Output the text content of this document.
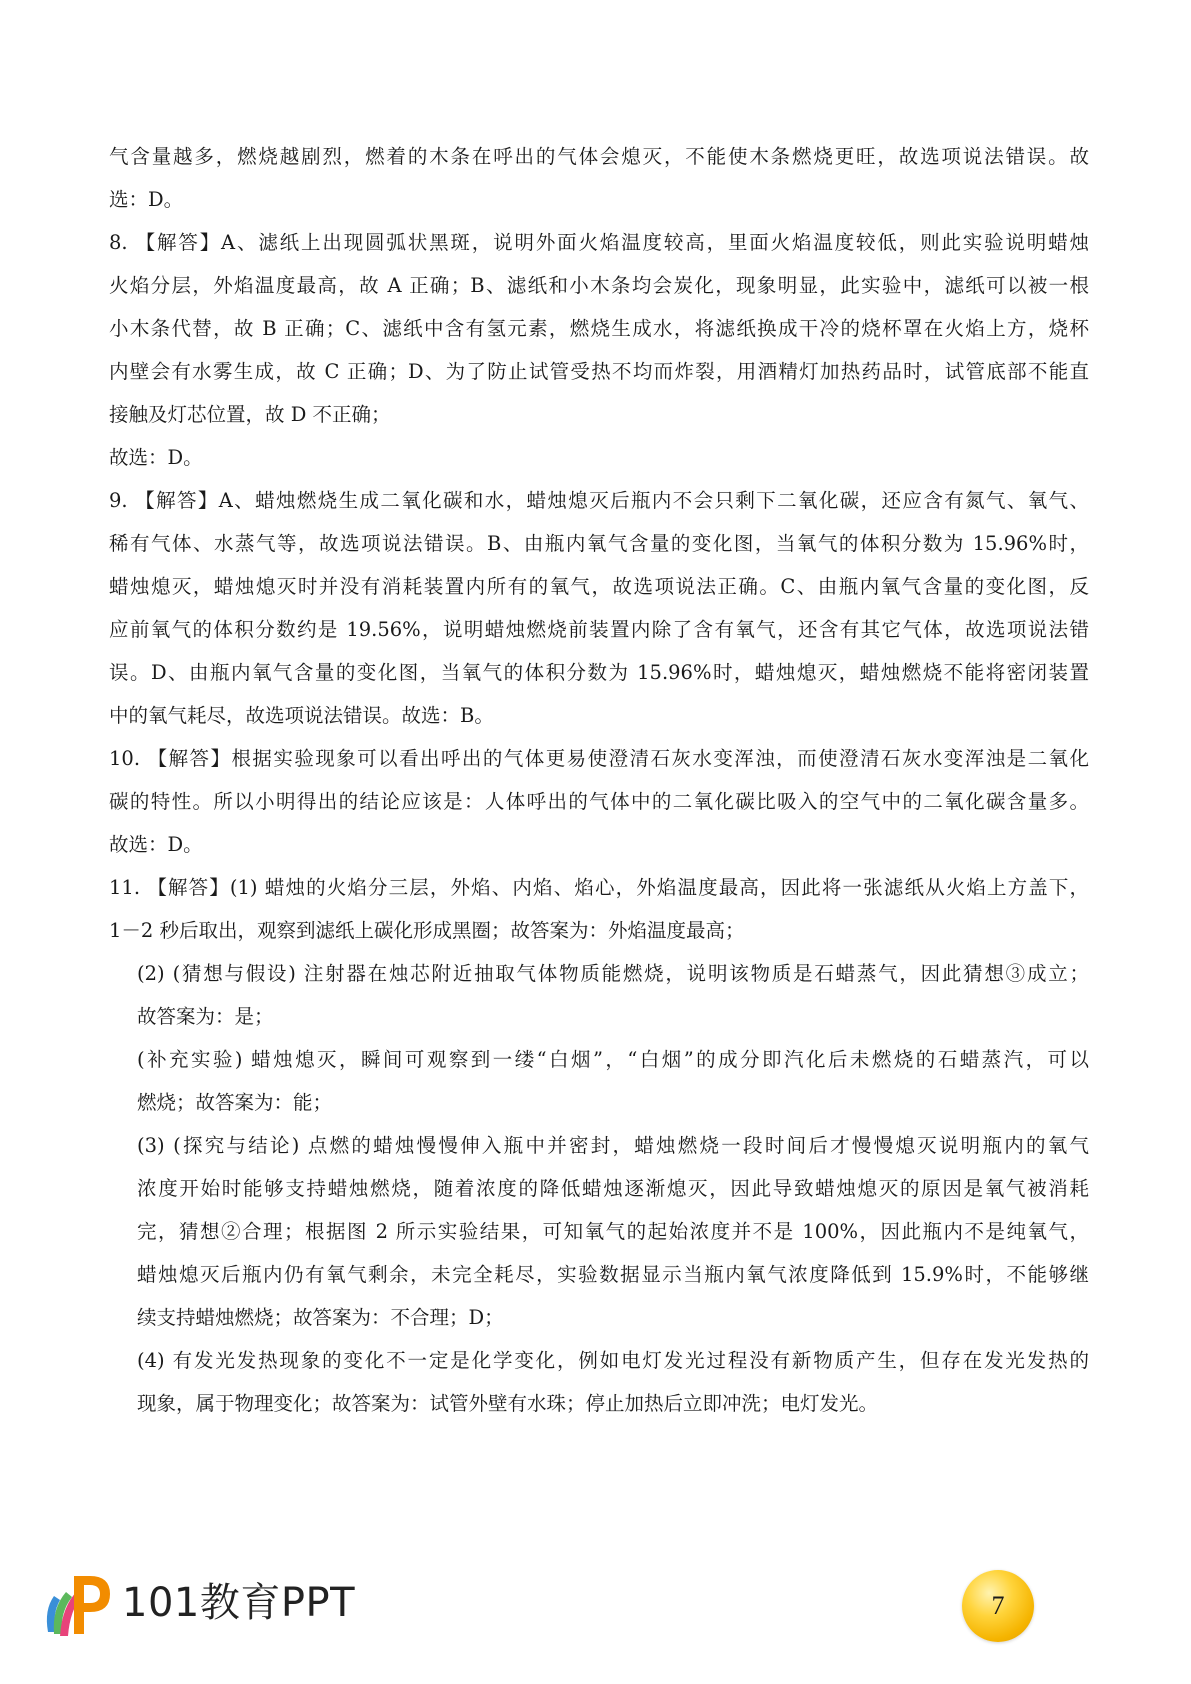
气含量越多，燃烧越剧烈，燃着的木条在呼出的气体会熄灭，不能使木条燃烧更旺，故选项说法错误。故
选：D。
8. 【解答】A、滤纸上出现圆弧状黑斑，说明外面火焰温度较高，里面火焰温度较低，则此实验说明蜡烛
火焰分层，外焰温度最高，故 A 正确；B、滤纸和小木条均会炭化，现象明显，此实验中，滤纸可以被一根
小木条代替，故 B 正确；C、滤纸中含有氢元素，燃烧生成水，将滤纸换成干冷的烧杯罩在火焰上方，烧杯
内壁会有水雾生成，故 C 正确；D、为了防止试管受热不均而炸裂，用酒精灯加热药品时，试管底部不能直
接触及灯芯位置，故 D 不正确；
故选：D。
9. 【解答】A、蜡烛燃烧生成二氧化碳和水，蜡烛熄灭后瓶内不会只剩下二氧化碳，还应含有氮气、氧气、
稀有气体、水蒸气等，故选项说法错误。B、由瓶内氧气含量的变化图，当氧气的体积分数为 15.96%时，
蜡烛熄灭，蜡烛熄灭时并没有消耗装置内所有的氧气，故选项说法正确。C、由瓶内氧气含量的变化图，反
应前氧气的体积分数约是 19.56%，说明蜡烛燃烧前装置内除了含有氧气，还含有其它气体，故选项说法错
误。D、由瓶内氧气含量的变化图，当氧气的体积分数为 15.96%时，蜡烛熄灭，蜡烛燃烧不能将密闭装置
中的氧气耗尽，故选项说法错误。故选：B。
10. 【解答】根据实验现象可以看出呼出的气体更易使澄清石灰水变浑浊，而使澄清石灰水变浑浊是二氧化
碳的特性。所以小明得出的结论应该是：人体呼出的气体中的二氧化碳比吸入的空气中的二氧化碳含量多。
故选：D。
11. 【解答】(1) 蜡烛的火焰分三层，外焰、内焰、焰心，外焰温度最高，因此将一张滤纸从火焰上方盖下，
1－2 秒后取出，观察到滤纸上碳化形成黑圈；故答案为：外焰温度最高；
(2) (猜想与假设) 注射器在烛芯附近抽取气体物质能燃烧，说明该物质是石蜡蒸气，因此猜想③成立；
故答案为：是；
(补充实验) 蜡烛熄灭，瞬间可观察到一缕“白烟”，“白烟”的成分即汽化后未燃烧的石蜡蒸汽，可以
燃烧；故答案为：能；
(3) (探究与结论) 点燃的蜡烛慢慢伸入瓶中并密封，蜡烛燃烧一段时间后才慢慢熄灭说明瓶内的氧气
浓度开始时能够支持蜡烛燃烧，随着浓度的降低蜡烛逐渐熄灭，因此导致蜡烛熄灭的原因是氧气被消耗
完，猜想②合理；根据图 2 所示实验结果，可知氧气的起始浓度并不是 100%，因此瓶内不是纯氧气，
蜡烛熄灭后瓶内仍有氧气剩余，未完全耗尽，实验数据显示当瓶内氧气浓度降低到 15.9%时，不能够继
续支持蜡烛燃烧；故答案为：不合理；D；
(4) 有发光发热现象的变化不一定是化学变化，例如电灯发光过程没有新物质产生，但存在发光发热的
现象，属于物理变化；故答案为：试管外壁有水珠；停止加热后立即冲洗；电灯发光。
101教育PPT	7
